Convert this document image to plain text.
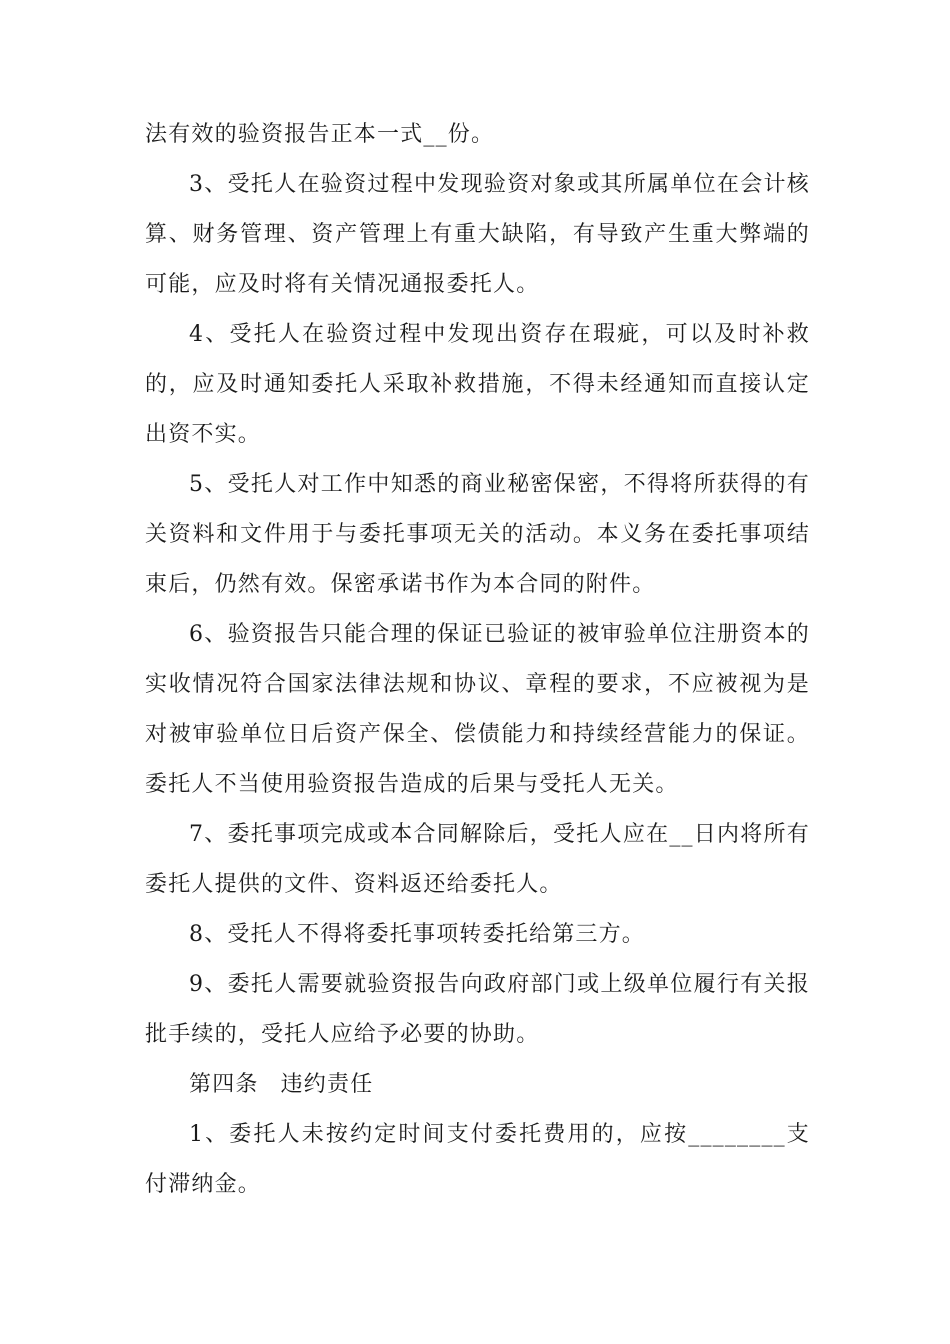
法有效的验资报告正本一式__份。

3、受托人在验资过程中发现验资对象或其所属单位在会计核算、财务管理、资产管理上有重大缺陷，有导致产生重大弊端的可能，应及时将有关情况通报委托人。

4、受托人在验资过程中发现出资存在瑕疵，可以及时补救的，应及时通知委托人采取补救措施，不得未经通知而直接认定出资不实。

5、受托人对工作中知悉的商业秘密保密，不得将所获得的有关资料和文件用于与委托事项无关的活动。本义务在委托事项结束后，仍然有效。保密承诺书作为本合同的附件。

6、验资报告只能合理的保证已验证的被审验单位注册资本的实收情况符合国家法律法规和协议、章程的要求，不应被视为是对被审验单位日后资产保全、偿债能力和持续经营能力的保证。委托人不当使用验资报告造成的后果与受托人无关。

7、委托事项完成或本合同解除后，受托人应在__日内将所有委托人提供的文件、资料返还给委托人。

8、受托人不得将委托事项转委托给第三方。

9、委托人需要就验资报告向政府部门或上级单位履行有关报批手续的，受托人应给予必要的协助。

第四条 违约责任

1、委托人未按约定时间支付委托费用的，应按________支付滞纳金。
